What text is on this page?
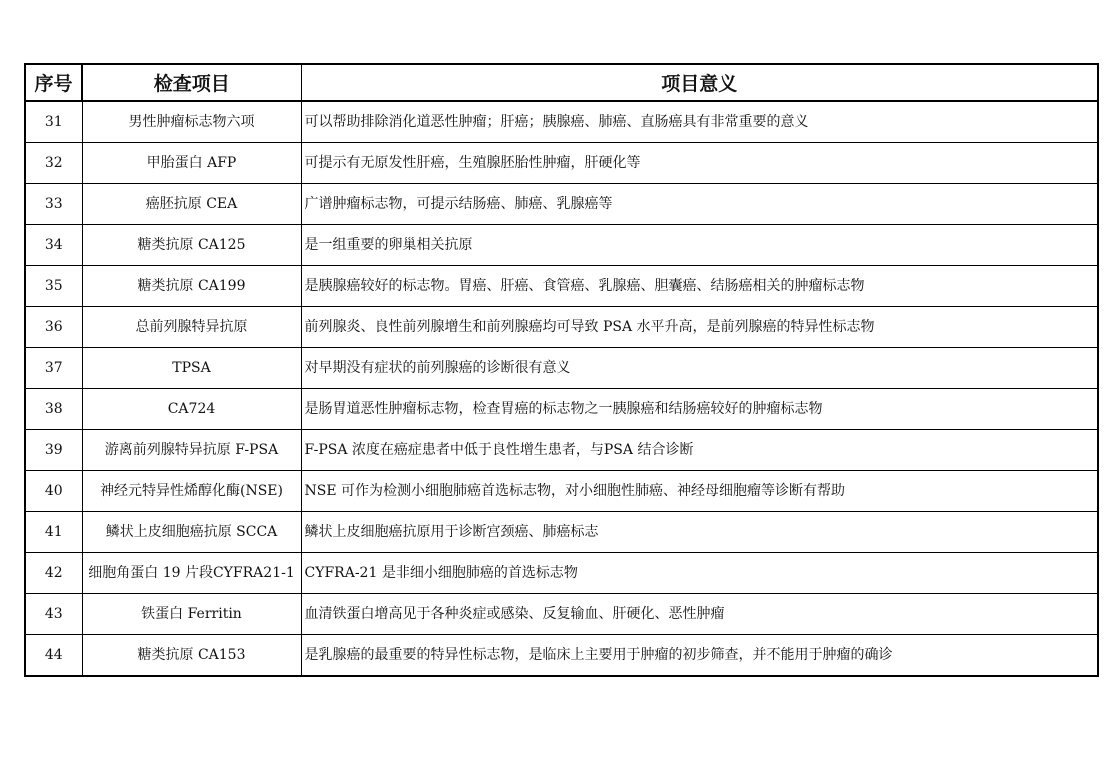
序号	检查项目	项目意义
31	男性肿瘤标志物六项	可以帮助排除消化道恶性肿瘤；肝癌；胰腺癌、肺癌、直肠癌具有非常重要的意义
32	甲胎蛋白 AFP	可提示有无原发性肝癌，生殖腺胚胎性肿瘤，肝硬化等
33	癌胚抗原 CEA	广谱肿瘤标志物，可提示结肠癌、肺癌、乳腺癌等
34	糖类抗原 CA125	是一组重要的卵巢相关抗原
35	糖类抗原 CA199	是胰腺癌较好的标志物。胃癌、肝癌、食管癌、乳腺癌、胆囊癌、结肠癌相关的肿瘤标志物
36	总前列腺特异抗原	前列腺炎、良性前列腺增生和前列腺癌均可导致 PSA 水平升高，是前列腺癌的特异性标志物
37	TPSA	对早期没有症状的前列腺癌的诊断很有意义
38	CA724	是肠胃道恶性肿瘤标志物，检查胃癌的标志物之一胰腺癌和结肠癌较好的肿瘤标志物
39	游离前列腺特异抗原 F-PSA	F-PSA 浓度在癌症患者中低于良性增生患者，与PSA 结合诊断
40	神经元特异性烯醇化酶(NSE)	NSE 可作为检测小细胞肺癌首选标志物，对小细胞性肺癌、神经母细胞瘤等诊断有帮助
41	鳞状上皮细胞癌抗原 SCCA	鳞状上皮细胞癌抗原用于诊断宫颈癌、肺癌标志
42	细胞角蛋白 19 片段CYFRA21-1	CYFRA-21 是非细小细胞肺癌的首选标志物
43	铁蛋白 Ferritin	血清铁蛋白增高见于各种炎症或感染、反复输血、肝硬化、恶性肿瘤
44	糖类抗原 CA153	是乳腺癌的最重要的特异性标志物，是临床上主要用于肿瘤的初步筛查，并不能用于肿瘤的确诊
